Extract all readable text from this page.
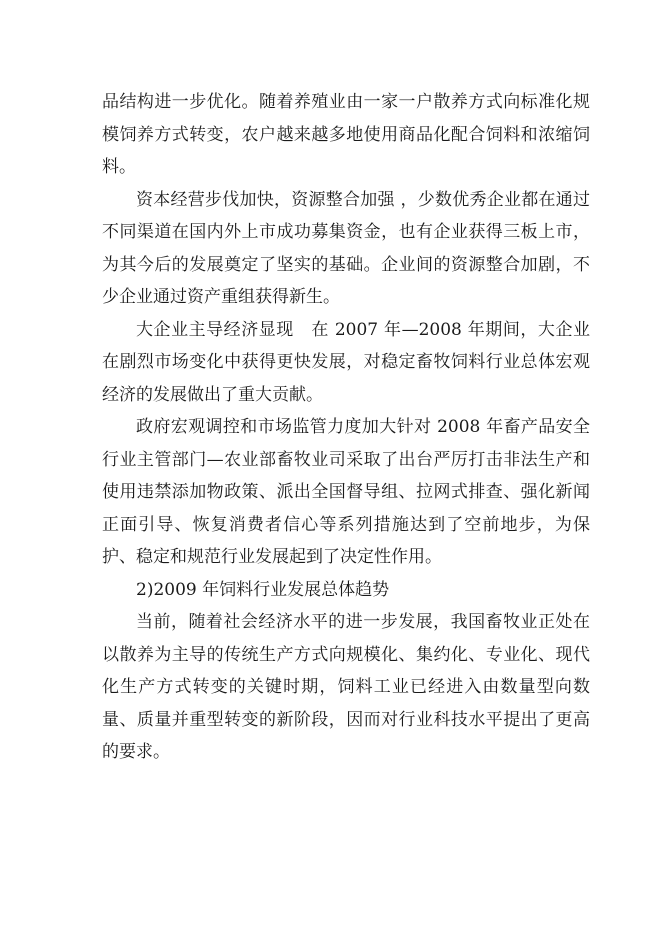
品结构进一步优化。随着养殖业由一家一户散养方式向标准化规模饲养方式转变，农户越来越多地使用商品化配合饲料和浓缩饲料。

资本经营步伐加快，资源整合加强 ，少数优秀企业都在通过不同渠道在国内外上市成功募集资金，也有企业获得三板上市，为其今后的发展奠定了坚实的基础。企业间的资源整合加剧，不少企业通过资产重组获得新生。

大企业主导经济显现　在 2007 年—2008 年期间，大企业在剧烈市场变化中获得更快发展，对稳定畜牧饲料行业总体宏观经济的发展做出了重大贡献。

政府宏观调控和市场监管力度加大针对 2008 年畜产品安全行业主管部门—农业部畜牧业司采取了出台严厉打击非法生产和使用违禁添加物政策、派出全国督导组、拉网式排查、强化新闻正面引导、恢复消费者信心等系列措施达到了空前地步，为保护、稳定和规范行业发展起到了决定性作用。

2)2009 年饲料行业发展总体趋势

当前，随着社会经济水平的进一步发展，我国畜牧业正处在以散养为主导的传统生产方式向规模化、集约化、专业化、现代化生产方式转变的关键时期，饲料工业已经进入由数量型向数量、质量并重型转变的新阶段，因而对行业科技水平提出了更高的要求。
